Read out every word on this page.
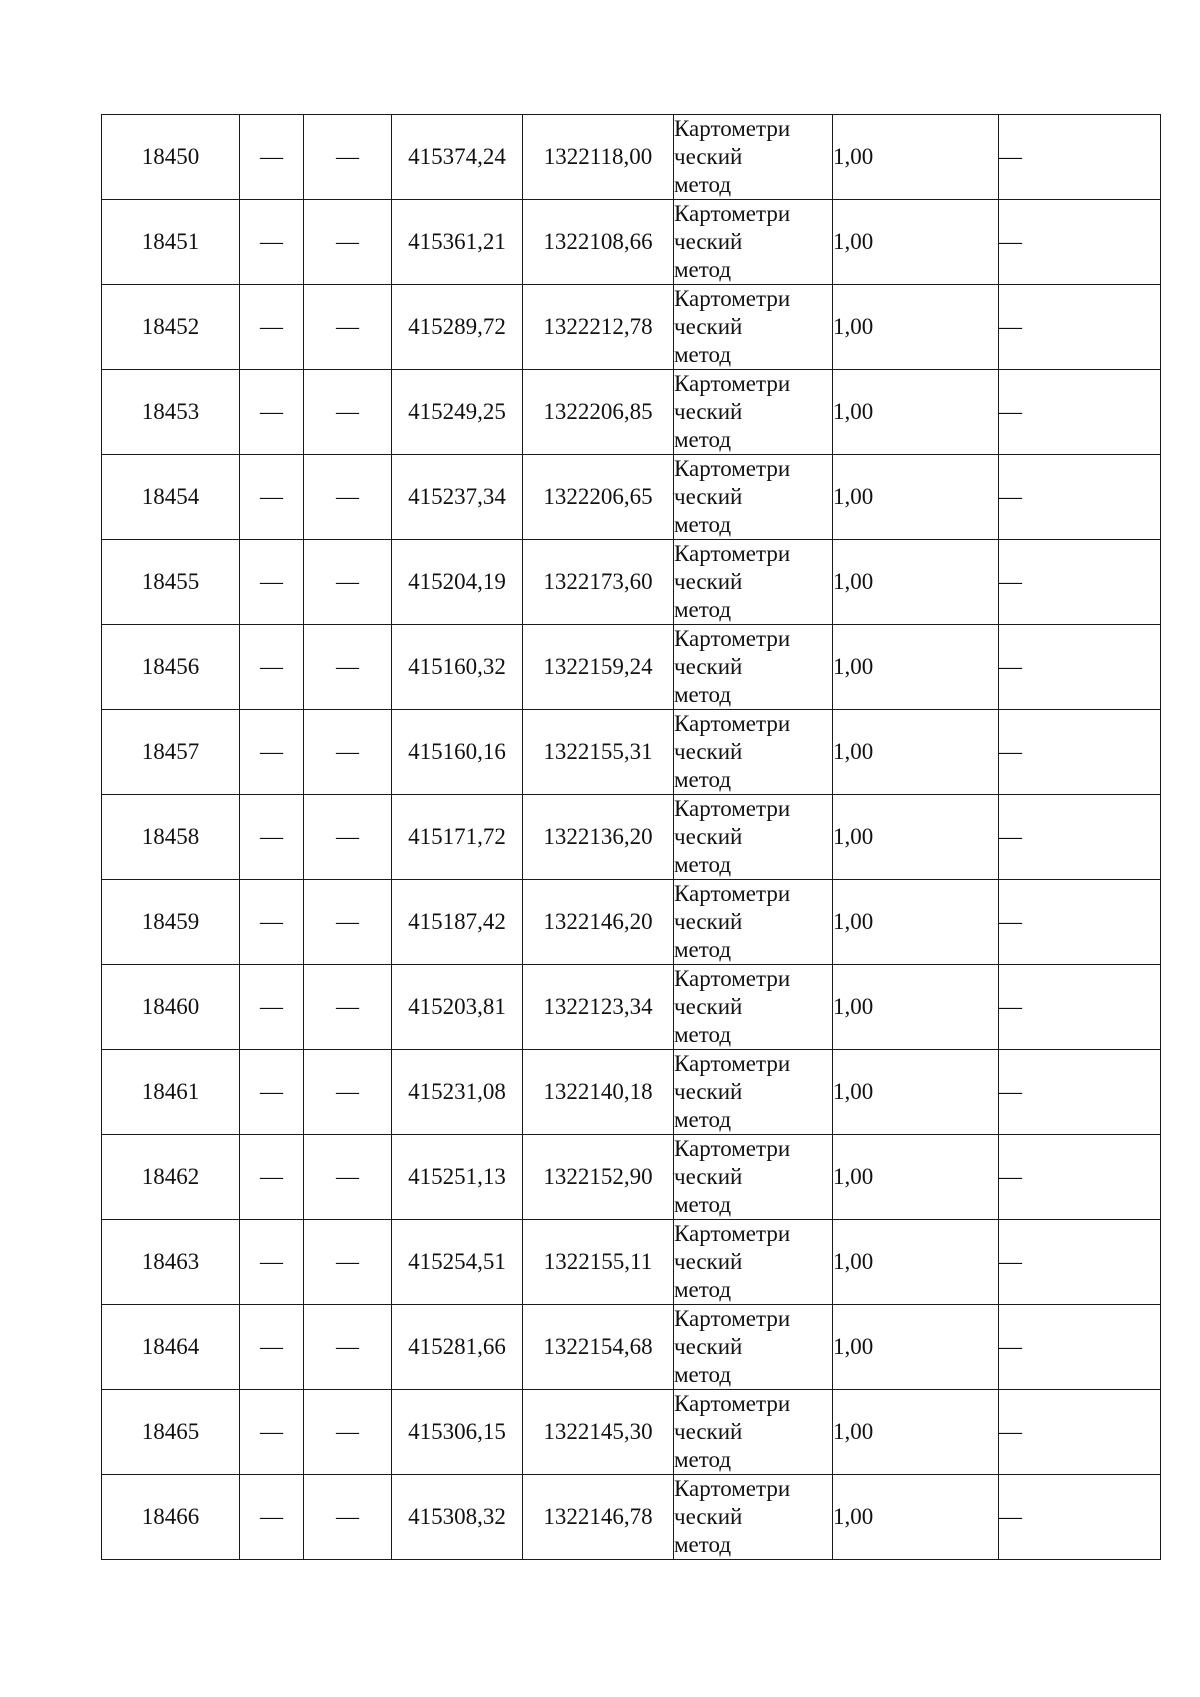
18450	—	—	415374,24	1322118,00	Картометри
ческий
метод	1,00	—
18451	—	—	415361,21	1322108,66	Картометри
ческий
метод	1,00	—
18452	—	—	415289,72	1322212,78	Картометри
ческий
метод	1,00	—
18453	—	—	415249,25	1322206,85	Картометри
ческий
метод	1,00	—
18454	—	—	415237,34	1322206,65	Картометри
ческий
метод	1,00	—
18455	—	—	415204,19	1322173,60	Картометри
ческий
метод	1,00	—
18456	—	—	415160,32	1322159,24	Картометри
ческий
метод	1,00	—
18457	—	—	415160,16	1322155,31	Картометри
ческий
метод	1,00	—
18458	—	—	415171,72	1322136,20	Картометри
ческий
метод	1,00	—
18459	—	—	415187,42	1322146,20	Картометри
ческий
метод	1,00	—
18460	—	—	415203,81	1322123,34	Картометри
ческий
метод	1,00	—
18461	—	—	415231,08	1322140,18	Картометри
ческий
метод	1,00	—
18462	—	—	415251,13	1322152,90	Картометри
ческий
метод	1,00	—
18463	—	—	415254,51	1322155,11	Картометри
ческий
метод	1,00	—
18464	—	—	415281,66	1322154,68	Картометри
ческий
метод	1,00	—
18465	—	—	415306,15	1322145,30	Картометри
ческий
метод	1,00	—
18466	—	—	415308,32	1322146,78	Картометри
ческий
метод	1,00	—
